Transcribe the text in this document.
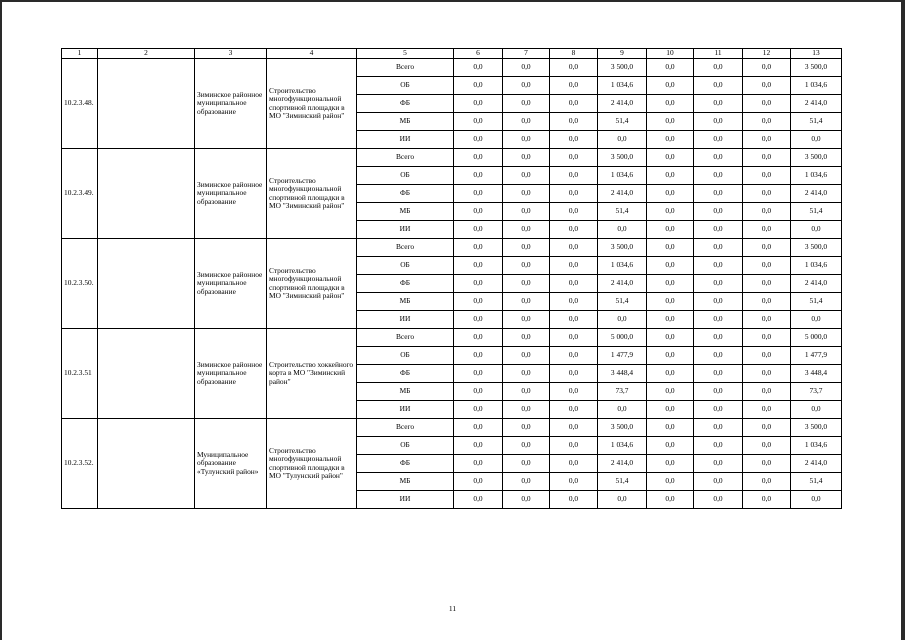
1	2	3	4	5	6	7	8	9	10	11	12	13
10.2.3.48.		Зиминское районное муниципальное образование	Строительство многофункциональной спортивной площадки в МО "Зиминский район"	Всего	0,0	0,0	0,0	3 500,0	0,0	0,0	0,0	3 500,0
				ОБ	0,0	0,0	0,0	1 034,6	0,0	0,0	0,0	1 034,6
				ФБ	0,0	0,0	0,0	2 414,0	0,0	0,0	0,0	2 414,0
				МБ	0,0	0,0	0,0	51,4	0,0	0,0	0,0	51,4
				ИИ	0,0	0,0	0,0	0,0	0,0	0,0	0,0	0,0
10.2.3.49.		Зиминское районное муниципальное образование	Строительство многофункциональной спортивной площадки в МО "Зиминский район"	Всего	0,0	0,0	0,0	3 500,0	0,0	0,0	0,0	3 500,0
				ОБ	0,0	0,0	0,0	1 034,6	0,0	0,0	0,0	1 034,6
				ФБ	0,0	0,0	0,0	2 414,0	0,0	0,0	0,0	2 414,0
				МБ	0,0	0,0	0,0	51,4	0,0	0,0	0,0	51,4
				ИИ	0,0	0,0	0,0	0,0	0,0	0,0	0,0	0,0
10.2.3.50.		Зиминское районное муниципальное образование	Строительство многофункциональной спортивной площадки в МО "Зиминский район"	Всего	0,0	0,0	0,0	3 500,0	0,0	0,0	0,0	3 500,0
				ОБ	0,0	0,0	0,0	1 034,6	0,0	0,0	0,0	1 034,6
				ФБ	0,0	0,0	0,0	2 414,0	0,0	0,0	0,0	2 414,0
				МБ	0,0	0,0	0,0	51,4	0,0	0,0	0,0	51,4
				ИИ	0,0	0,0	0,0	0,0	0,0	0,0	0,0	0,0
10.2.3.51		Зиминское районное муниципальное образование	Строительство хоккейного корта в МО "Зиминский район"	Всего	0,0	0,0	0,0	5 000,0	0,0	0,0	0,0	5 000,0
				ОБ	0,0	0,0	0,0	1 477,9	0,0	0,0	0,0	1 477,9
				ФБ	0,0	0,0	0,0	3 448,4	0,0	0,0	0,0	3 448,4
				МБ	0,0	0,0	0,0	73,7	0,0	0,0	0,0	73,7
				ИИ	0,0	0,0	0,0	0,0	0,0	0,0	0,0	0,0
10.2.3.52.		Муниципальное образование «Тулунский район»	Строительство многофункциональной спортивной площадки в МО "Тулунский район"	Всего	0,0	0,0	0,0	3 500,0	0,0	0,0	0,0	3 500,0
				ОБ	0,0	0,0	0,0	1 034,6	0,0	0,0	0,0	1 034,6
				ФБ	0,0	0,0	0,0	2 414,0	0,0	0,0	0,0	2 414,0
				МБ	0,0	0,0	0,0	51,4	0,0	0,0	0,0	51,4
				ИИ	0,0	0,0	0,0	0,0	0,0	0,0	0,0	0,0
11
